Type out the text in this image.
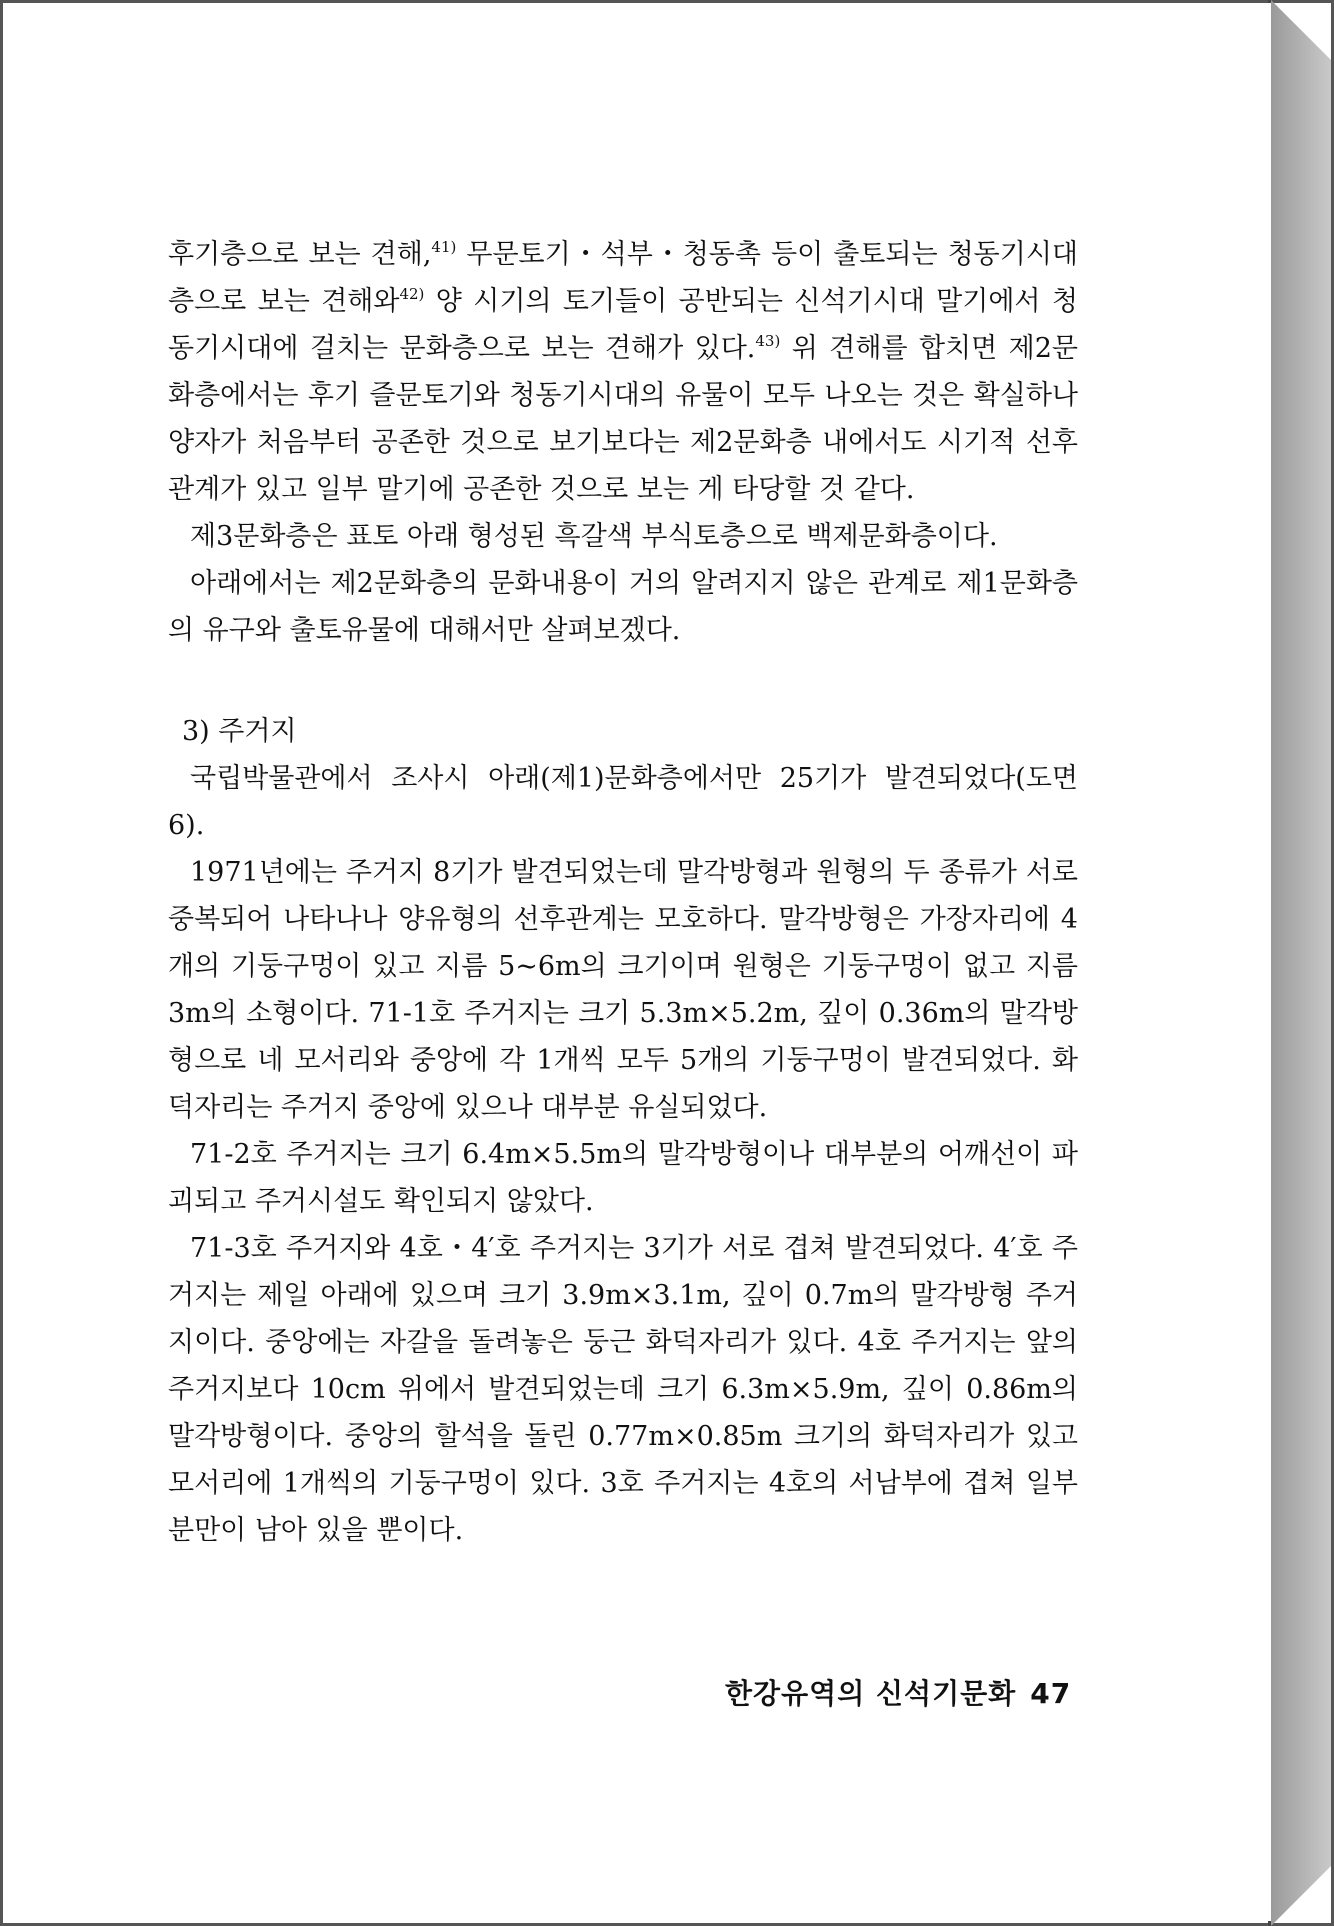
후기층으로 보는 견해,$^{41)}$ 무문토기・석부・청동촉 등이 출토되는 청동기시대층으로 보는 견해와$^{42)}$ 양 시기의 토기들이 공반되는 신석기시대 말기에서 청동기시대에 걸치는 문화층으로 보는 견해가 있다.$^{43)}$ 위 견해를 합치면 제2문화층에서는 후기 즐문토기와 청동기시대의 유물이 모두 나오는 것은 확실하나 양자가 처음부터 공존한 것으로 보기보다는 제2문화층 내에서도 시기적 선후관계가 있고 일부 말기에 공존한 것으로 보는 게 타당할 것 같다.

제3문화층은 표토 아래 형성된 흑갈색 부식토층으로 백제문화층이다.

아래에서는 제2문화층의 문화내용이 거의 알려지지 않은 관계로 제1문화층의 유구와 출토유물에 대해서만 살펴보겠다.

3) 주거지

국립박물관에서 조사시 아래(제1)문화층에서만 25기가 발견되었다(도면 6).

1971년에는 주거지 8기가 발견되었는데 말각방형과 원형의 두 종류가 서로 중복되어 나타나나 양유형의 선후관계는 모호하다. 말각방형은 가장자리에 4개의 기둥구멍이 있고 지름 5∼6m의 크기이며 원형은 기둥구멍이 없고 지름 3m의 소형이다. 71-1호 주거지는 크기 5.3m×5.2m, 깊이 0.36m의 말각방형으로 네 모서리와 중앙에 각 1개씩 모두 5개의 기둥구멍이 발견되었다. 화덕자리는 주거지 중앙에 있으나 대부분 유실되었다.

71-2호 주거지는 크기 6.4m×5.5m의 말각방형이나 대부분의 어깨선이 파괴되고 주거시설도 확인되지 않았다.

71-3호 주거지와 4호・4′호 주거지는 3기가 서로 겹쳐 발견되었다. 4′호 주거지는 제일 아래에 있으며 크기 3.9m×3.1m, 깊이 0.7m의 말각방형 주거지이다. 중앙에는 자갈을 돌려놓은 둥근 화덕자리가 있다. 4호 주거지는 앞의 주거지보다 10cm 위에서 발견되었는데 크기 6.3m×5.9m, 깊이 0.86m의 말각방형이다. 중앙의 할석을 돌린 0.77m×0.85m 크기의 화덕자리가 있고 모서리에 1개씩의 기둥구멍이 있다. 3호 주거지는 4호의 서남부에 겹쳐 일부분만이 남아 있을 뿐이다.

한강유역의 신석기문화 47
